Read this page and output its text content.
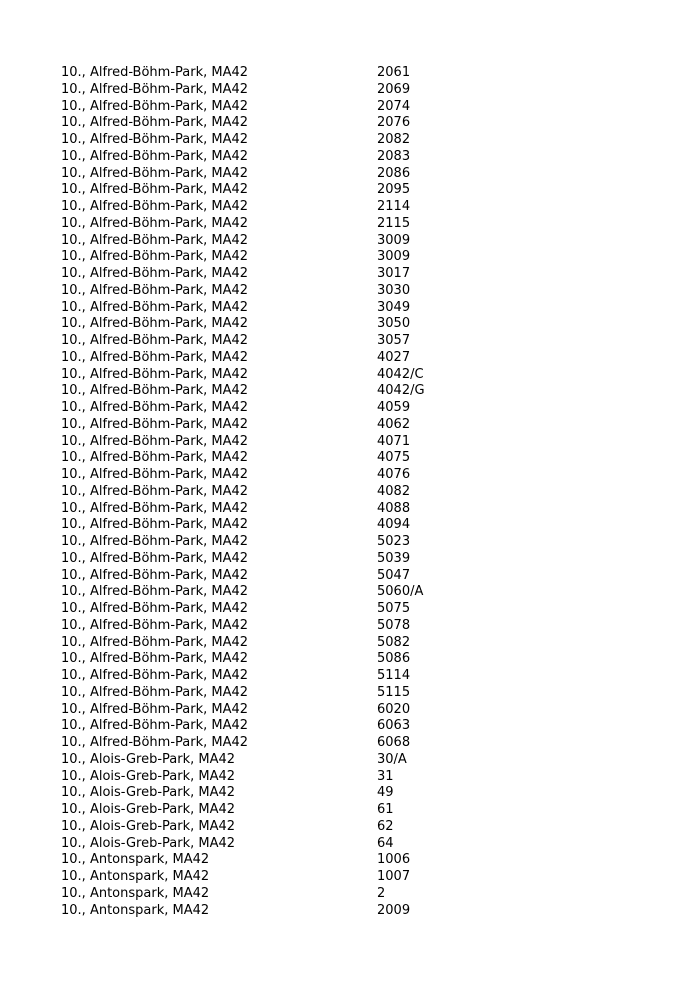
10., Alfred-Böhm-Park, MA42	2061
10., Alfred-Böhm-Park, MA42	2069
10., Alfred-Böhm-Park, MA42	2074
10., Alfred-Böhm-Park, MA42	2076
10., Alfred-Böhm-Park, MA42	2082
10., Alfred-Böhm-Park, MA42	2083
10., Alfred-Böhm-Park, MA42	2086
10., Alfred-Böhm-Park, MA42	2095
10., Alfred-Böhm-Park, MA42	2114
10., Alfred-Böhm-Park, MA42	2115
10., Alfred-Böhm-Park, MA42	3009
10., Alfred-Böhm-Park, MA42	3009
10., Alfred-Böhm-Park, MA42	3017
10., Alfred-Böhm-Park, MA42	3030
10., Alfred-Böhm-Park, MA42	3049
10., Alfred-Böhm-Park, MA42	3050
10., Alfred-Böhm-Park, MA42	3057
10., Alfred-Böhm-Park, MA42	4027
10., Alfred-Böhm-Park, MA42	4042/C
10., Alfred-Böhm-Park, MA42	4042/G
10., Alfred-Böhm-Park, MA42	4059
10., Alfred-Böhm-Park, MA42	4062
10., Alfred-Böhm-Park, MA42	4071
10., Alfred-Böhm-Park, MA42	4075
10., Alfred-Böhm-Park, MA42	4076
10., Alfred-Böhm-Park, MA42	4082
10., Alfred-Böhm-Park, MA42	4088
10., Alfred-Böhm-Park, MA42	4094
10., Alfred-Böhm-Park, MA42	5023
10., Alfred-Böhm-Park, MA42	5039
10., Alfred-Böhm-Park, MA42	5047
10., Alfred-Böhm-Park, MA42	5060/A
10., Alfred-Böhm-Park, MA42	5075
10., Alfred-Böhm-Park, MA42	5078
10., Alfred-Böhm-Park, MA42	5082
10., Alfred-Böhm-Park, MA42	5086
10., Alfred-Böhm-Park, MA42	5114
10., Alfred-Böhm-Park, MA42	5115
10., Alfred-Böhm-Park, MA42	6020
10., Alfred-Böhm-Park, MA42	6063
10., Alfred-Böhm-Park, MA42	6068
10., Alois-Greb-Park, MA42	30/A
10., Alois-Greb-Park, MA42	31
10., Alois-Greb-Park, MA42	49
10., Alois-Greb-Park, MA42	61
10., Alois-Greb-Park, MA42	62
10., Alois-Greb-Park, MA42	64
10., Antonspark, MA42	1006
10., Antonspark, MA42	1007
10., Antonspark, MA42	2
10., Antonspark, MA42	2009
